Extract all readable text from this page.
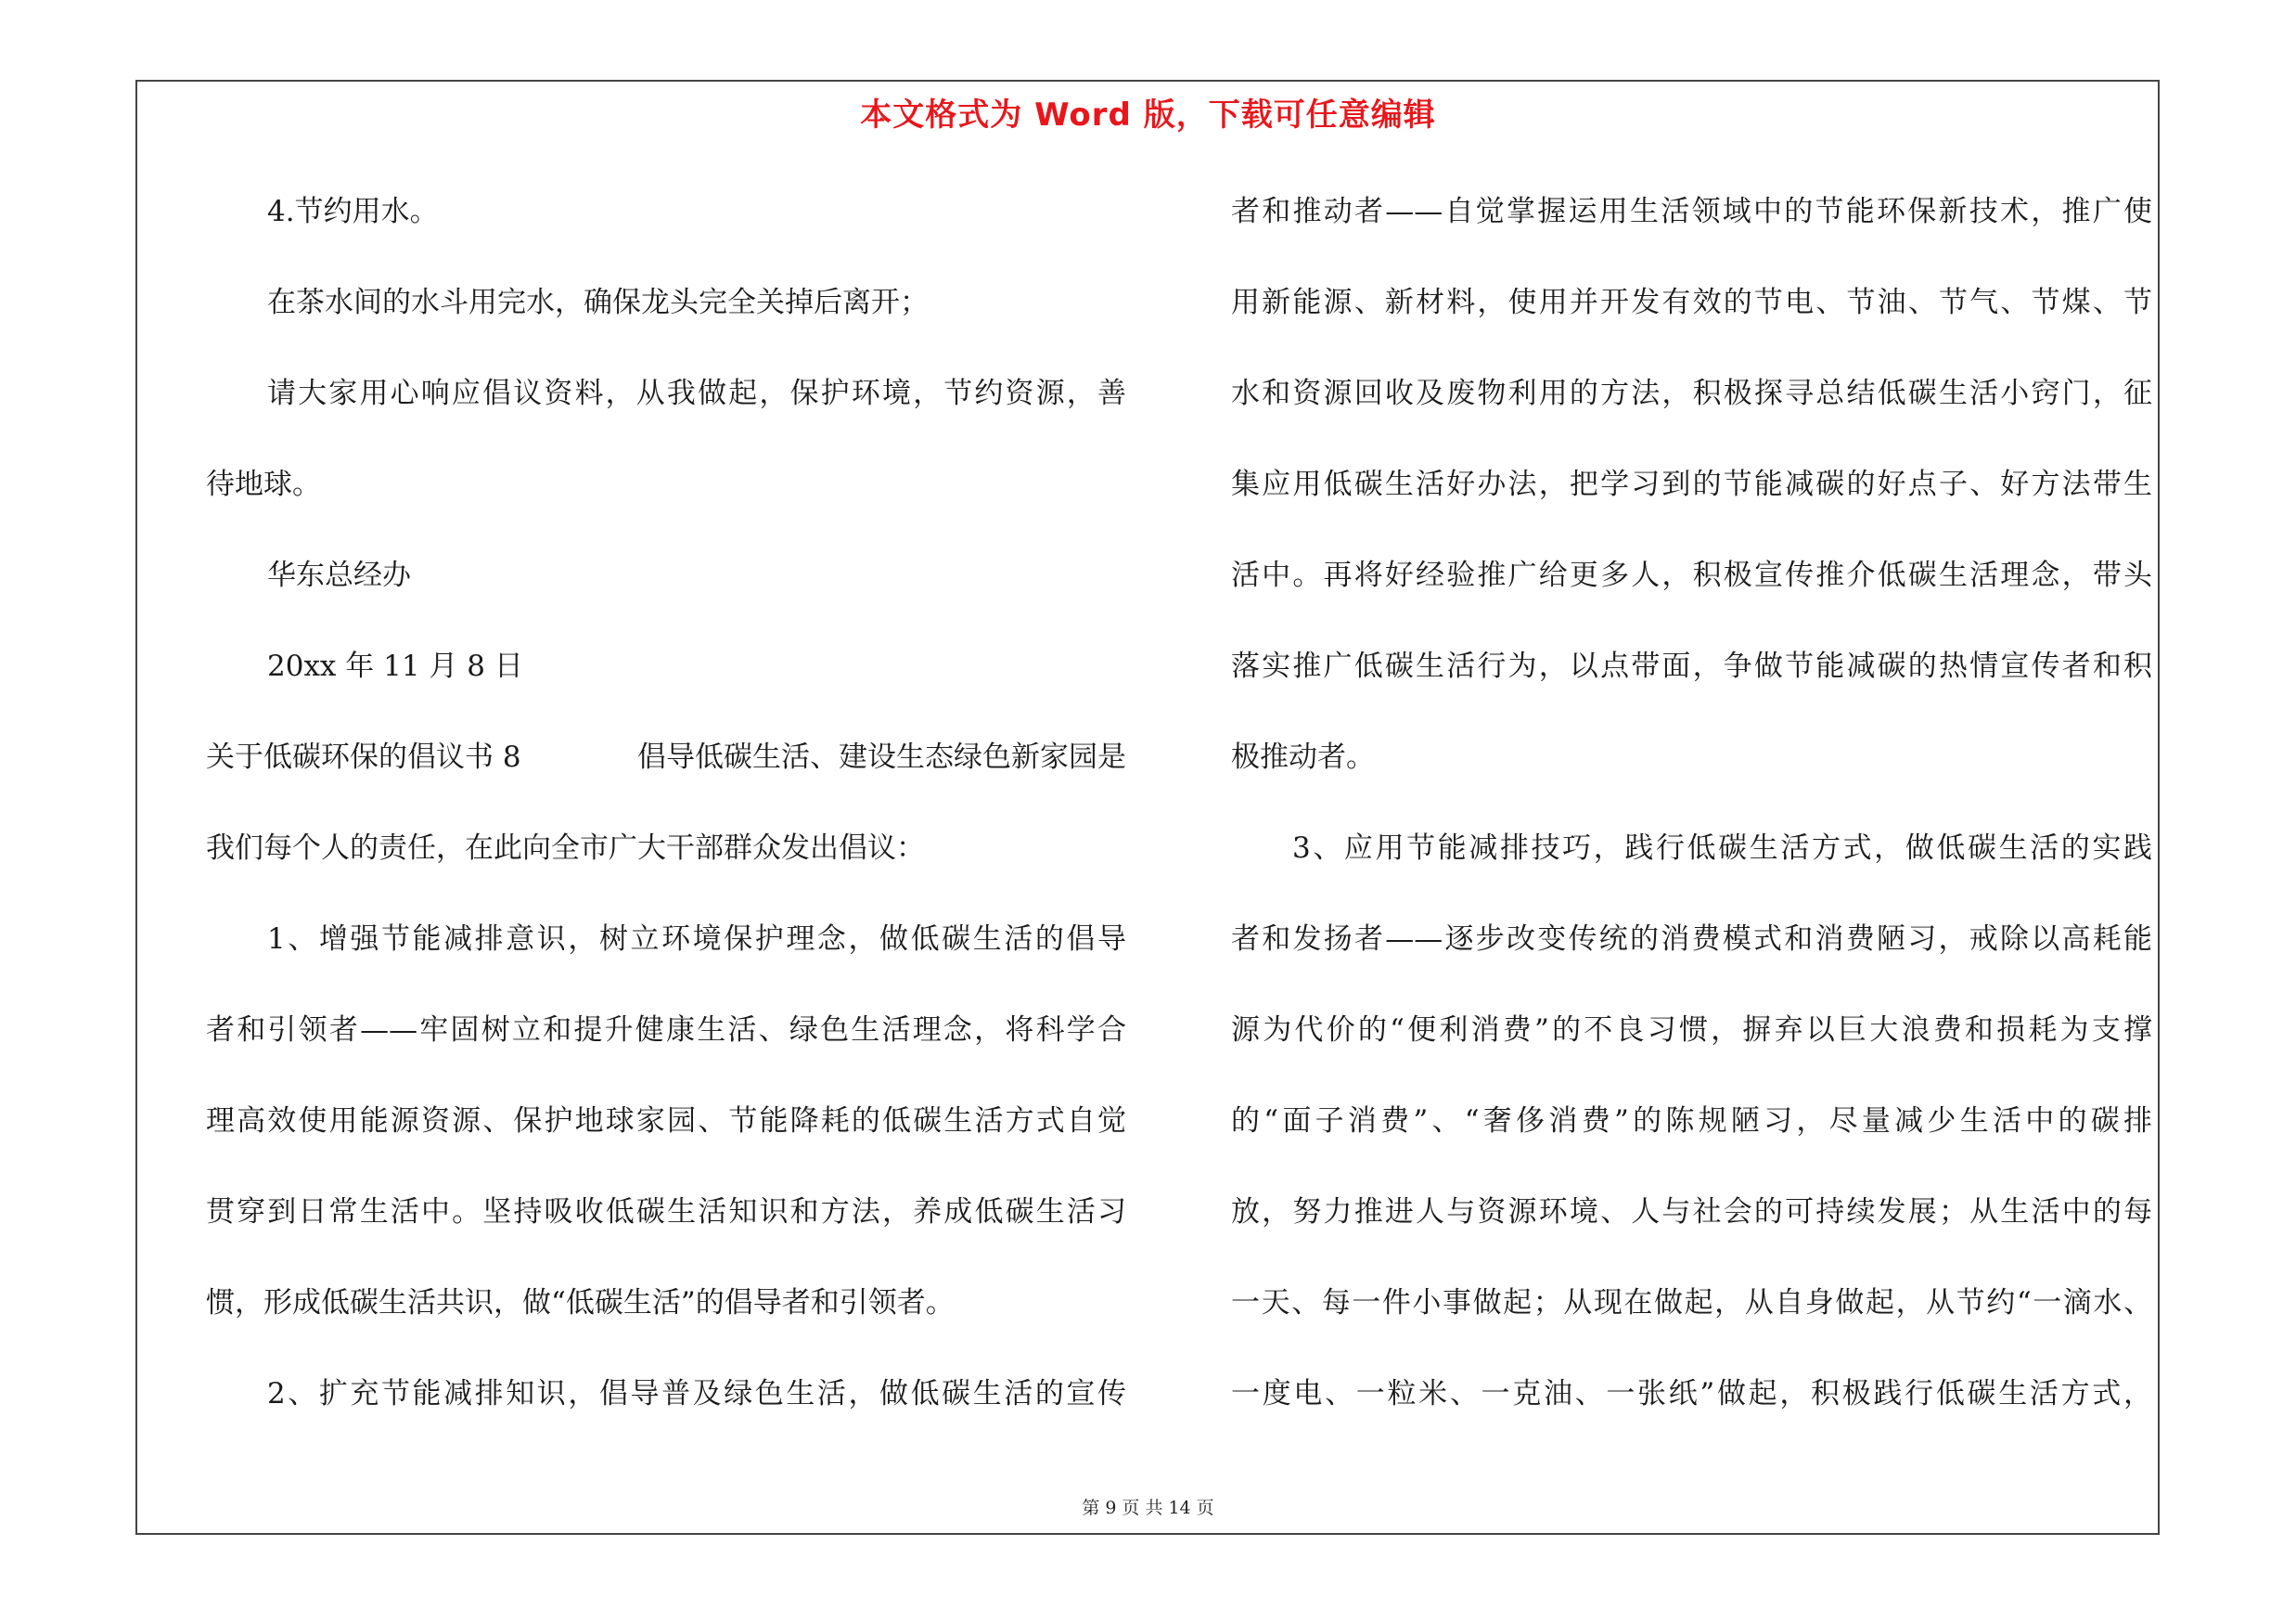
本文格式为 Word 版，下载可任意编辑
4.节约用水。
在茶水间的水斗用完水，确保龙头完全关掉后离开；
请大家用心响应倡议资料，从我做起，保护环境，节约资源，善
待地球。
华东总经办
20xx 年 11 月 8 日
关于低碳环保的倡议书 8	倡导低碳生活、建设生态绿色新家园是
我们每个人的责任，在此向全市广大干部群众发出倡议：
1、增强节能减排意识，树立环境保护理念，做低碳生活的倡导
者和引领者——牢固树立和提升健康生活、绿色生活理念，将科学合
理高效使用能源资源、保护地球家园、节能降耗的低碳生活方式自觉
贯穿到日常生活中。坚持吸收低碳生活知识和方法，养成低碳生活习
惯，形成低碳生活共识，做“低碳生活”的倡导者和引领者。
2、扩充节能减排知识，倡导普及绿色生活，做低碳生活的宣传
者和推动者——自觉掌握运用生活领域中的节能环保新技术，推广使
用新能源、新材料，使用并开发有效的节电、节油、节气、节煤、节
水和资源回收及废物利用的方法，积极探寻总结低碳生活小窍门，征
集应用低碳生活好办法，把学习到的节能减碳的好点子、好方法带生
活中。再将好经验推广给更多人，积极宣传推介低碳生活理念，带头
落实推广低碳生活行为，以点带面，争做节能减碳的热情宣传者和积
极推动者。
3、应用节能减排技巧，践行低碳生活方式，做低碳生活的实践
者和发扬者——逐步改变传统的消费模式和消费陋习，戒除以高耗能
源为代价的“便利消费”的不良习惯，摒弃以巨大浪费和损耗为支撑
的“面子消费”、“奢侈消费”的陈规陋习，尽量减少生活中的碳排
放，努力推进人与资源环境、人与社会的可持续发展；从生活中的每
一天、每一件小事做起；从现在做起，从自身做起，从节约“一滴水、
一度电、一粒米、一克油、一张纸”做起，积极践行低碳生活方式，
第 9 页 共 14 页
